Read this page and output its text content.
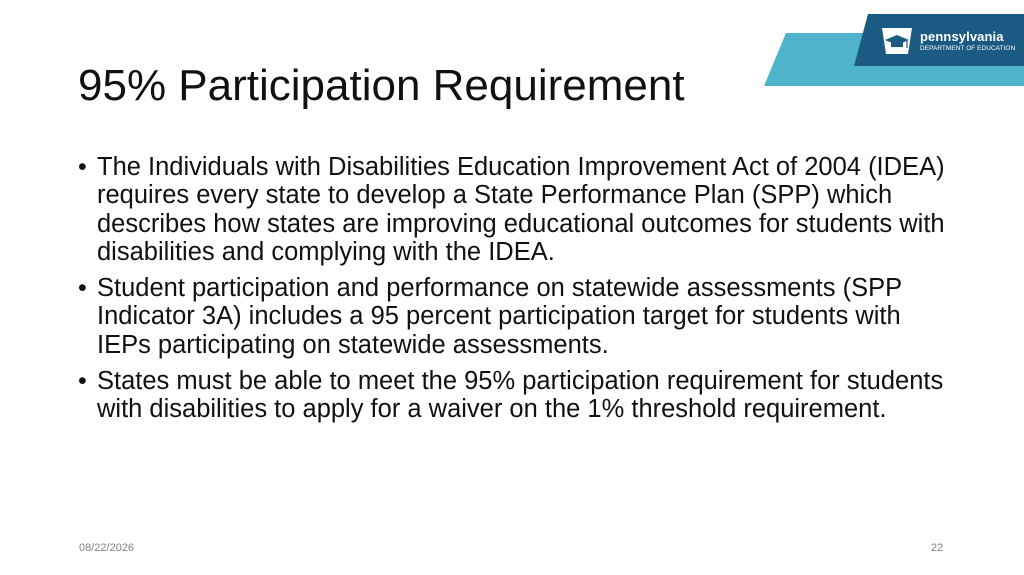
pennsylvania
DEPARTMENT OF EDUCATION
95% Participation Requirement
• The Individuals with Disabilities Education Improvement Act of 2004 (IDEA) requires every state to develop a State Performance Plan (SPP) which describes how states are improving educational outcomes for students with disabilities and complying with the IDEA.
• Student participation and performance on statewide assessments (SPP Indicator 3A) includes a 95 percent participation target for students with IEPs participating on statewide assessments.
• States must be able to meet the 95% participation requirement for students with disabilities to apply for a waiver on the 1% threshold requirement.
08/22/2026	22
